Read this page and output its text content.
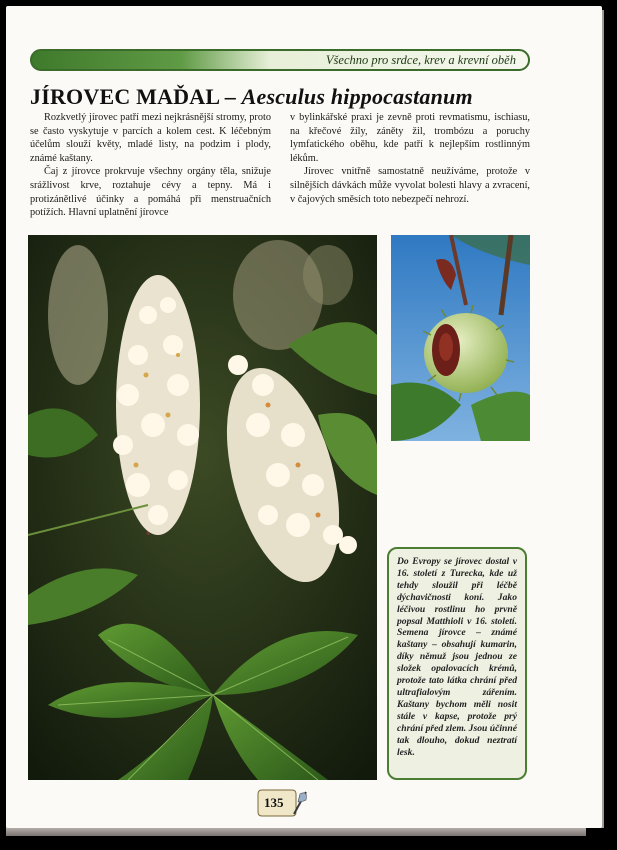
Všechno pro srdce, krev a krevní oběh
JÍROVEC MAĎAL – Aesculus hippocastanum

Rozkvetlý jírovec patří mezi nejkrásnější stromy, proto se často vyskytuje v parcích a kolem cest. K léčebným účelům slouží květy, mladé listy, na podzim i plody, známé kaštany.

Čaj z jírovce prokrvuje všechny orgány těla, snižuje srážlivost krve, roztahuje cévy a tepny. Má i protizánětlivé účinky a pomáhá při menstruačních potížích. Hlavní uplatnění jírovce

v bylinkářské praxi je zevně proti revmatismu, ischiasu, na křečové žíly, záněty žil, trombózu a poruchy lymfatického oběhu, kde patří k nejlepším rostlinným lékům.

Jírovec vnitřně samostatně neužíváme, protože v silnějších dávkách může vyvolat bolesti hlavy a zvracení, v čajových směsích toto nebezpečí nehrozí.

Do Evropy se jírovec dostal v 16. století z Turecka, kde už tehdy sloužil při léčbě dýchavičnosti koní. Jako léčivou rostlinu ho prvně popsal Matthioli v 16. století. Semena jírovce – známé kaštany – obsahují kumarin, díky němuž jsou jednou ze složek opalovacích krémů, protože tato látka chrání před ultrafialovým zářením. Kaštany bychom měli nosit stále v kapse, protože prý chrání před zlem. Jsou účinné tak dlouho, dokud neztratí lesk.

135
